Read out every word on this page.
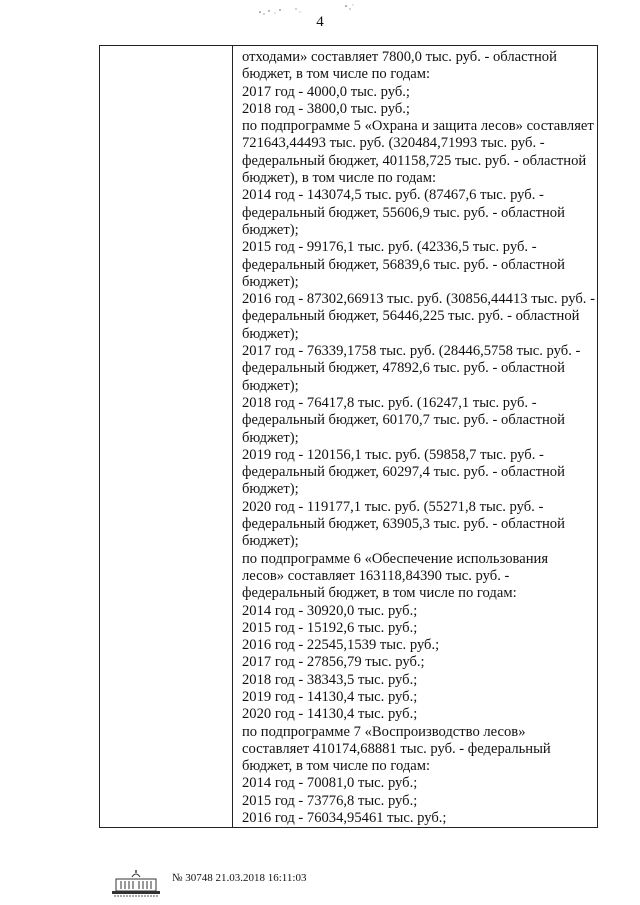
4
отходами» составляет 7800,0 тыс. руб. - областной
бюджет, в том числе по годам:
2017 год - 4000,0 тыс. руб.;
2018 год - 3800,0 тыс. руб.;
по подпрограмме 5 «Охрана и защита лесов» составляет
721643,44493 тыс. руб. (320484,71993 тыс. руб. -
федеральный бюджет, 401158,725 тыс. руб. - областной
бюджет), в том числе по годам:
2014 год - 143074,5 тыс. руб. (87467,6 тыс. руб. -
федеральный бюджет, 55606,9 тыс. руб. - областной
бюджет);
2015 год - 99176,1 тыс. руб. (42336,5 тыс. руб. -
федеральный бюджет, 56839,6 тыс. руб. - областной
бюджет);
2016 год - 87302,66913 тыс. руб. (30856,44413 тыс. руб. -
федеральный бюджет, 56446,225 тыс. руб. - областной
бюджет);
2017 год - 76339,1758 тыс. руб. (28446,5758 тыс. руб. -
федеральный бюджет, 47892,6 тыс. руб. - областной
бюджет);
2018 год - 76417,8 тыс. руб. (16247,1 тыс. руб. -
федеральный бюджет, 60170,7 тыс. руб. - областной
бюджет);
2019 год - 120156,1 тыс. руб. (59858,7 тыс. руб. -
федеральный бюджет, 60297,4 тыс. руб. - областной
бюджет);
2020 год - 119177,1 тыс. руб. (55271,8 тыс. руб. -
федеральный бюджет, 63905,3 тыс. руб. - областной
бюджет);
по подпрограмме 6 «Обеспечение использования
лесов» составляет 163118,84390 тыс. руб. -
федеральный бюджет, в том числе по годам:
2014 год - 30920,0 тыс. руб.;
2015 год - 15192,6 тыс. руб.;
2016 год - 22545,1539 тыс. руб.;
2017 год - 27856,79 тыс. руб.;
2018 год - 38343,5 тыс. руб.;
2019 год - 14130,4 тыс. руб.;
2020 год - 14130,4 тыс. руб.;
по подпрограмме 7 «Воспроизводство лесов»
составляет 410174,68881 тыс. руб. - федеральный
бюджет, в том числе по годам:
2014 год - 70081,0 тыс. руб.;
2015 год - 73776,8 тыс. руб.;
2016 год - 76034,95461 тыс. руб.;
№ 30748 21.03.2018 16:11:03
